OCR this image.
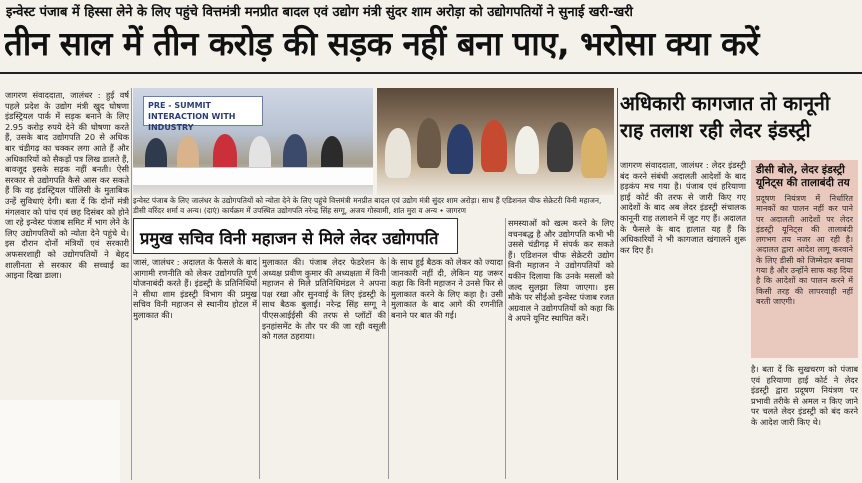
इन्वेस्ट पंजाब में हिस्सा लेने के लिए पहुंचे वित्तमंत्री मनप्रीत बादल एवं उद्योग मंत्री सुंदर शाम अरोड़ा को उद्योगपतियों ने सुनाई खरी-खरी
तीन साल में तीन करोड़ की सड़क नहीं बना पाए, भरोसा क्या करें
जागरण संवाददाता, जालंधर : हुई वर्ष पहले प्रदेश के उद्योग मंत्री खुद घोषणा इंडस्ट्रियल पार्क में सड़क बनाने के लिए 2.95 करोड़ रुपये देने की घोषणा करते हैं, उसके बाद उद्योगपति 20 से अधिक बार चंडीगढ़ का चक्कर लगा आते हैं और अधिकारियों को सैकड़ों पत्र लिख डालते हैं, बावजूद इसके सड़क नहीं बनती। ऐसी सरकार से उद्योगपति कैसे आस कर सकते हैं कि वह इंडस्ट्रियल पॉलिसी के मुताबिक उन्हें सुविधाएं देगी। बता दें कि दोनों मंत्री मंगलवार को पांच एवं छह दिसंबर को होने जा रहे इन्वेस्ट पंजाब समिट में भाग लेने के लिए उद्योगपतियों को न्योता देने पहुंचे थे। इस दौरान दोनों मंत्रियों एवं सरकारी अफसरशाही को उद्योगपतियों ने बेहद शालीनता से सरकार की सच्चाई का आइना दिखा डाला।
PRE - SUMMIT INTERACTION WITH INDUSTRY
इन्वेस्ट पंजाब के लिए जालंधर के उद्योगपतियों को न्योता देने के लिए पहुंचे वित्तमंत्री मनप्रीत बादल एवं उद्योग मंत्री सुंदर शाम अरोड़ा। साथ हैं एडिशनल चीफ सेक्रेटरी विनी महाजन, डीसी वरिंदर शर्मा व अन्य। (दाएं) कार्यक्रम में उपस्थित उद्योगपति नरेन्द्र सिंह सग्गू, अजय गोस्वामी, शांत मुरा व अन्य • जागरण
प्रमुख सचिव विनी महाजन से मिले लेदर उद्योगपति
जासं, जालंधर : अदालत के फैसले के बाद आगामी रणनीति को लेकर उद्योगपति पूर्ण योजनाबंदी करते हैं। इंडस्ट्री के प्रतिनिधियों ने सीधा शाम इंडस्ट्री विभाग की प्रमुख सचिव विनी महाजन से स्थानीय होटल में मुलाकात की।
मुलाकात की। पंजाब लेदर फेडरेशन के अध्यक्ष प्रवीण कुमार की अध्यक्षता में विनी महाजन से मिले प्रतिनिधिमंडल ने अपना पक्ष रखा और सुनवाई के लिए इंडस्ट्री के साथ बैठक बुलाई। नरेन्द्र सिंह सग्गू ने पीएसआईईसी की तरफ से प्लॉटों की इनहांसमेंट के तौर पर की जा रही वसूली को गलत ठहराया।
के साथ हुई बैठक को लेकर को ज्यादा जानकारी नहीं दी, लेकिन यह जरूर कहा कि विनी महाजन ने उनसे फिर से मुलाकात करने के लिए कहा है। उसी मुलाकात के बाद आगे की रणनीति बनाने पर बात की गई।
समस्याओं को खत्म करने के लिए वचनबद्ध है और उद्योगपति कभी भी उससे चंडीगढ़ में संपर्क कर सकते हैं। एडिशनल चीफ सेक्रेटरी उद्योग विनी महाजन ने उद्योगपतियों को यकीन दिलाया कि उनके मसलों को जल्द सुलझा लिया जाएगा। इस मौके पर सीईओ इन्वेस्ट पंजाब रजत अग्रवाल ने उद्योगपतियों को कहा कि वे अपने यूनिट स्थापित करें।
अधिकारी कागजात तो कानूनी राह तलाश रही लेदर इंडस्ट्री
जागरण संवाददाता, जालंधर : लेदर इंडस्ट्री बंद करने संबंधी अदालती आदेशों के बाद हड़कंप मच गया है। पंजाब एवं हरियाणा हाई कोर्ट की तरफ से जारी किए गए आदेशों के बाद अब लेदर इंडस्ट्री संचालक कानूनी राह तलाशने में जुट गए हैं। अदालत के फैसले के बाद हालात यह हैं कि अधिकारियों ने भी कागजात खंगालने शुरू कर दिए हैं।
डीसी बोले, लेदर इंडस्ट्री यूनिट्स की तालाबंदी तय
प्रदूषण नियंत्रण में निर्धारित मानकों का पालन नहीं कर पाने पर अदालती आदेशों पर लेदर इंडस्ट्री यूनिट्स की तालाबंदी लगभग तय नजर आ रही है। अदालत द्वारा आदेश लागू करवाने के लिए डीसी को जिम्मेदार बनाया गया है और उन्होंने साफ कह दिया है कि आदेशों का पालन करने में किसी तरह की लापरवाही नहीं बरती जाएगी।
है। बता दें कि सुखचरण को पंजाब एवं हरियाणा हाई कोर्ट ने लेदर इंडस्ट्री द्वारा प्रदूषण नियंत्रण पर प्रभावी तरीके से अमल न किए जाने पर चलते लेदर इंडस्ट्री को बंद करने के आदेश जारी किए थे।
